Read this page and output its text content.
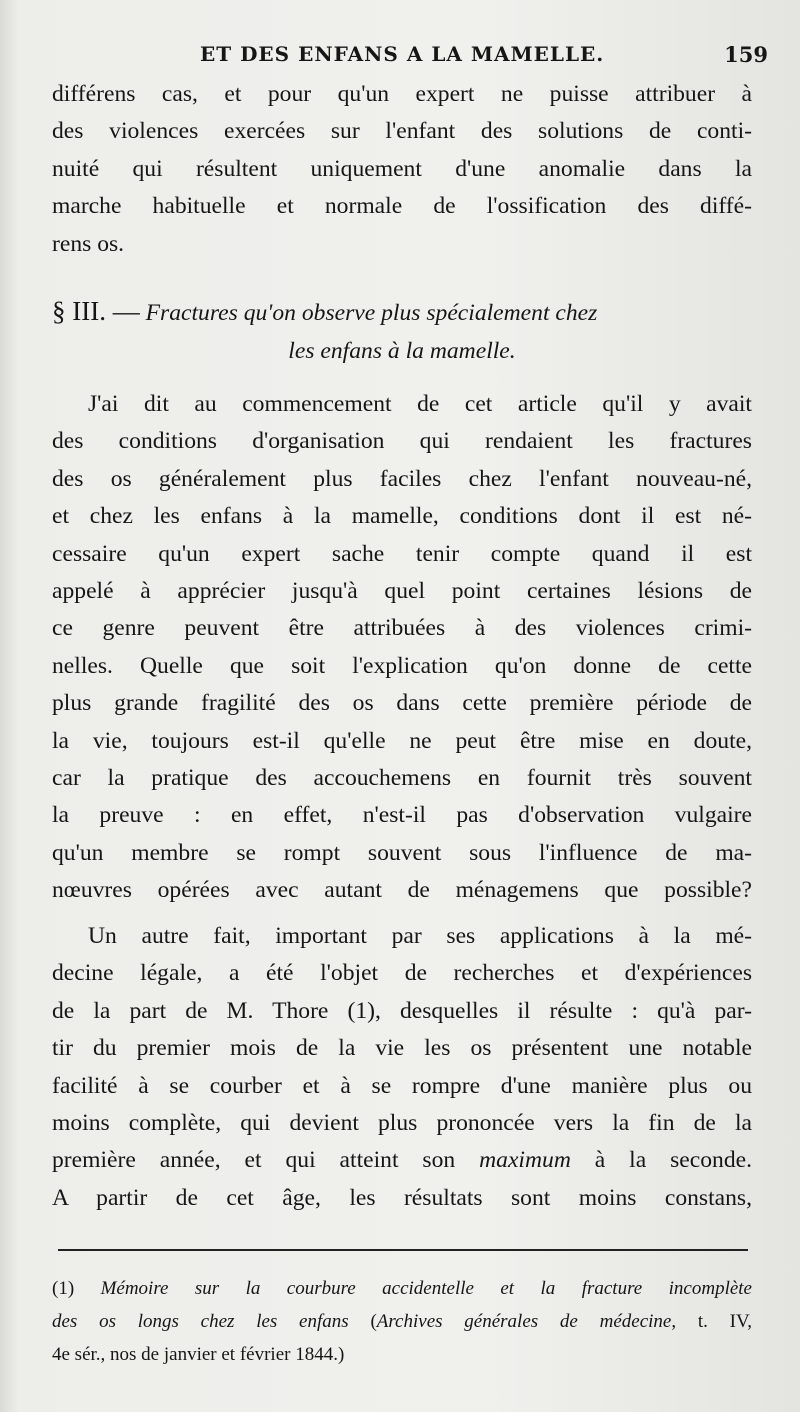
ET DES ENFANS A LA MAMELLE.	159
différens cas, et pour qu'un expert ne puisse attribuer à
des violences exercées sur l'enfant des solutions de conti-
nuité qui résultent uniquement d'une anomalie dans la
marche habituelle et normale de l'ossification des diffé-
rens os.
§ III. — Fractures qu'on observe plus spécialement chez
les enfans à la mamelle.
J'ai dit au commencement de cet article qu'il y avait
des conditions d'organisation qui rendaient les fractures
des os généralement plus faciles chez l'enfant nouveau-né,
et chez les enfans à la mamelle, conditions dont il est né-
cessaire qu'un expert sache tenir compte quand il est
appelé à apprécier jusqu'à quel point certaines lésions de
ce genre peuvent être attribuées à des violences crimi-
nelles. Quelle que soit l'explication qu'on donne de cette
plus grande fragilité des os dans cette première période de
la vie, toujours est-il qu'elle ne peut être mise en doute,
car la pratique des accouchemens en fournit très souvent
la preuve : en effet, n'est-il pas d'observation vulgaire
qu'un membre se rompt souvent sous l'influence de ma-
nœuvres opérées avec autant de ménagemens que possible?
Un autre fait, important par ses applications à la mé-
decine légale, a été l'objet de recherches et d'expériences
de la part de M. Thore (1), desquelles il résulte : qu'à par-
tir du premier mois de la vie les os présentent une notable
facilité à se courber et à se rompre d'une manière plus ou
moins complète, qui devient plus prononcée vers la fin de la
première année, et qui atteint son maximum à la seconde.
A partir de cet âge, les résultats sont moins constans,
(1) Mémoire sur la courbure accidentelle et la fracture incomplète
des os longs chez les enfans (Archives générales de médecine, t. IV,
4e sér., nos de janvier et février 1844.)
